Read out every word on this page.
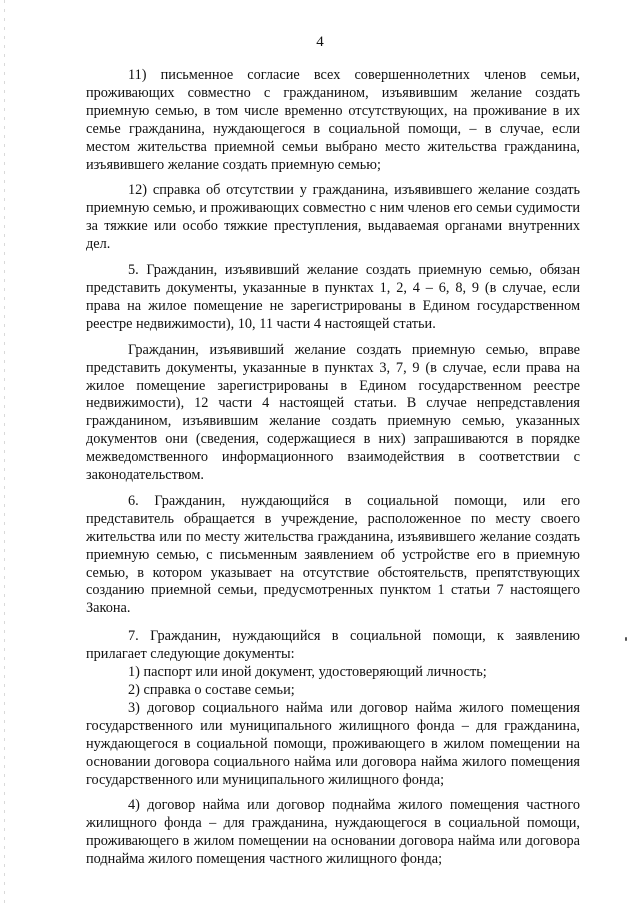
4

11) письменное согласие всех совершеннолетних членов семьи, проживающих совместно с гражданином, изъявившим желание создать приемную семью, в том числе временно отсутствующих, на проживание в их семье гражданина, нуждающегося в социальной помощи, – в случае, если местом жительства приемной семьи выбрано место жительства гражданина, изъявившего желание создать приемную семью;

12) справка об отсутствии у гражданина, изъявившего желание создать приемную семью, и проживающих совместно с ним членов его семьи судимости за тяжкие или особо тяжкие преступления, выдаваемая органами внутренних дел.

5. Гражданин, изъявивший желание создать приемную семью, обязан представить документы, указанные в пунктах 1, 2, 4 – 6, 8, 9 (в случае, если права на жилое помещение не зарегистрированы в Едином государственном реестре недвижимости), 10, 11 части 4 настоящей статьи.

Гражданин, изъявивший желание создать приемную семью, вправе представить документы, указанные в пунктах 3, 7, 9 (в случае, если права на жилое помещение зарегистрированы в Едином государственном реестре недвижимости), 12 части 4 настоящей статьи. В случае непредставления гражданином, изъявившим желание создать приемную семью, указанных документов они (сведения, содержащиеся в них) запрашиваются в порядке межведомственного информационного взаимодействия в соответствии с законодательством.

6. Гражданин, нуждающийся в социальной помощи, или его представитель обращается в учреждение, расположенное по месту своего жительства или по месту жительства гражданина, изъявившего желание создать приемную семью, с письменным заявлением об устройстве его в приемную семью, в котором указывает на отсутствие обстоятельств, препятствующих созданию приемной семьи, предусмотренных пунктом 1 статьи 7 настоящего Закона.

7. Гражданин, нуждающийся в социальной помощи, к заявлению прилагает следующие документы:

1) паспорт или иной документ, удостоверяющий личность;

2) справка о составе семьи;

3) договор социального найма или договор найма жилого помещения государственного или муниципального жилищного фонда – для гражданина, нуждающегося в социальной помощи, проживающего в жилом помещении на основании договора социального найма или договора найма жилого помещения государственного или муниципального жилищного фонда;

4) договор найма или договор поднайма жилого помещения частного жилищного фонда – для гражданина, нуждающегося в социальной помощи, проживающего в жилом помещении на основании договора найма или договора поднайма жилого помещения частного жилищного фонда;
